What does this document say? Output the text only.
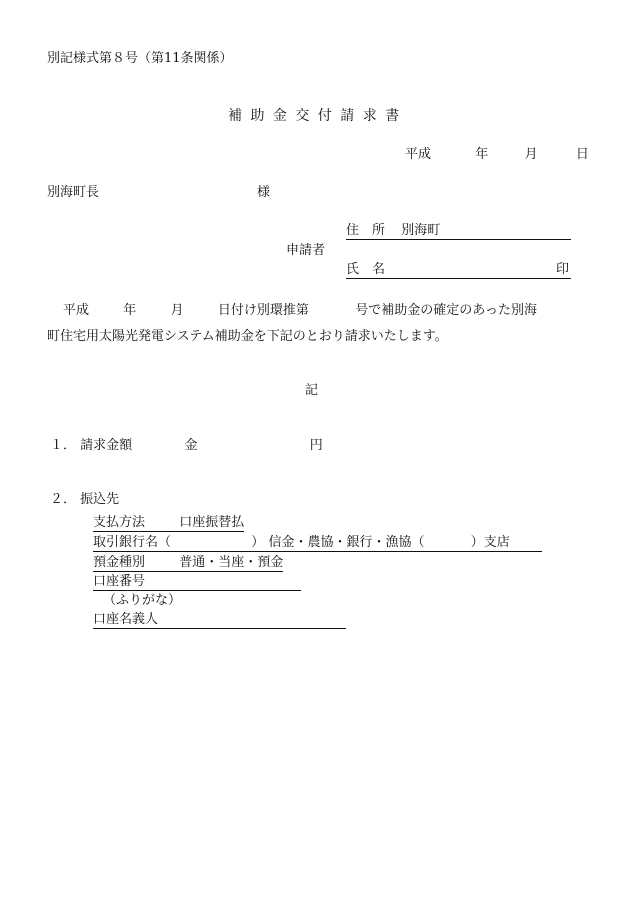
別記様式第８号（第11条関係）
補 助 金 交 付 請 求 書
平成	年	月	日
別海町長	様
申請者
住　所 別海町
氏　名	印
平成	年	月	日付け別環推第	号で補助金の確定のあった別海
町住宅用太陽光発電システム補助金を下記のとおり請求いたします。
記
１． 請求金額	金	円
２． 振込先
支払方法	口座振替払
取引銀行名（	） 信金・農協・銀行・漁協（	）支店
預金種別	普通・当座・預金
口座番号
（ふりがな）
口座名義人
